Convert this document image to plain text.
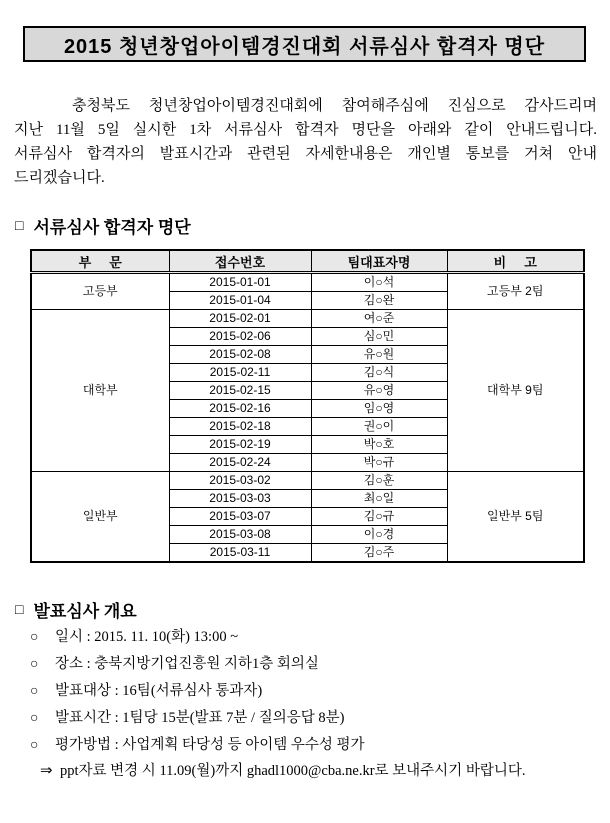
2015 청년창업아이템경진대회 서류심사 합격자 명단
충청북도 청년창업아이템경진대회에 참여해주심에 진심으로 감사드리며
지난 11월 5일 실시한 1차 서류심사 합격자 명단을 아래와 같이 안내드립니다.
서류심사 합격자의 발표시간과 관련된 자세한내용은 개인별 통보를 거쳐 안내
드리겠습니다.
□ 서류심사 합격자 명단
부     문	접수번호	팀대표자명	비     고
고등부	2015-01-01	이○석	고등부 2팀
	2015-01-04	김○완	
대학부	2015-02-01	여○준	대학부 9팀
	2015-02-06	심○민	
	2015-02-08	유○원	
	2015-02-11	김○식	
	2015-02-15	유○영	
	2015-02-16	임○영	
	2015-02-18	권○이	
	2015-02-19	박○호	
	2015-02-24	박○규	
일반부	2015-03-02	김○훈	일반부 5팀
	2015-03-03	최○일	
	2015-03-07	김○규	
	2015-03-08	이○경	
	2015-03-11	김○주	
□ 발표심사 개요
○	일시 : 2015. 11. 10(화) 13:00 ~
○	장소 : 충북지방기업진흥원 지하1층 회의실
○	발표대상 : 16팀(서류심사 통과자)
○	발표시간 : 1팀당 15분(발표 7분 / 질의응답 8분)
○	평가방법 : 사업계획 타당성 등 아이템 우수성 평가
⇒ ppt자료 변경 시 11.09(월)까지 ghadl1000@cba.ne.kr로 보내주시기 바랍니다.
